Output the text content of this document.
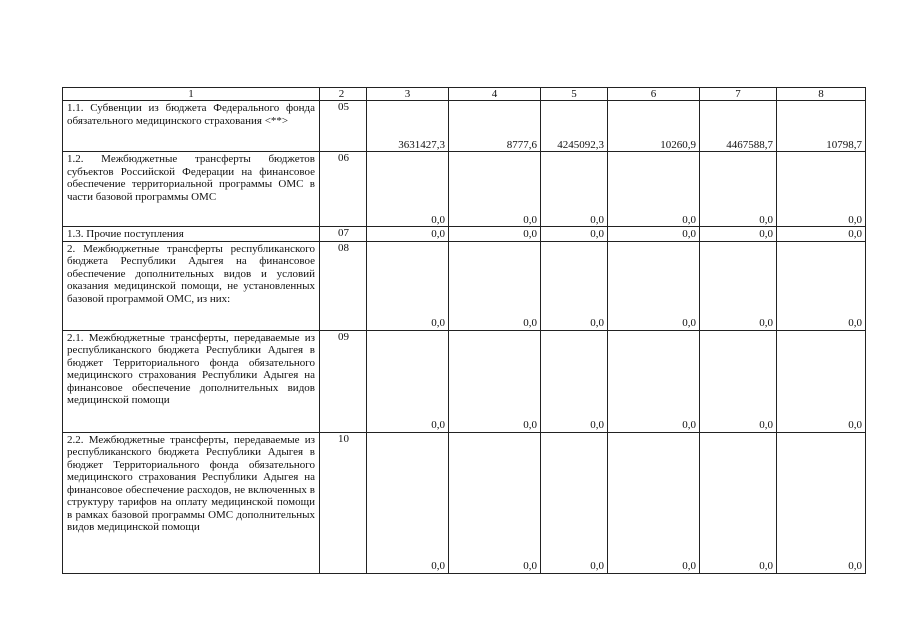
1	2	3	4	5	6	7	8
1.1. Субвенции из бюджета Федерального фонда обязательного медицинского страхования <**>	05	3631427,3	8777,6	4245092,3	10260,9	4467588,7	10798,7
1.2. Межбюджетные трансферты бюджетов субъектов Российской Федерации на финансовое обеспечение территориальной программы ОМС в части базовой программы ОМС	06	0,0	0,0	0,0	0,0	0,0	0,0
1.3. Прочие поступления	07	0,0	0,0	0,0	0,0	0,0	0,0
2. Межбюджетные трансферты республиканского бюджета Республики Адыгея на финансовое обеспечение дополнительных видов и условий оказания медицинской помощи, не установленных базовой программой ОМС, из них:	08	0,0	0,0	0,0	0,0	0,0	0,0
2.1. Межбюджетные трансферты, передаваемые из республиканского бюджета Республики Адыгея в бюджет Территориального фонда обязательного медицинского страхования Республики Адыгея на финансовое обеспечение дополнительных видов медицинской помощи	09	0,0	0,0	0,0	0,0	0,0	0,0
2.2. Межбюджетные трансферты, передаваемые из республиканского бюджета Республики Адыгея в бюджет Территориального фонда обязательного медицинского страхования Республики Адыгея на финансовое обеспечение расходов, не включенных в структуру тарифов на оплату медицинской помощи в рамках базовой программы ОМС дополнительных видов медицинской помощи	10	0,0	0,0	0,0	0,0	0,0	0,0
